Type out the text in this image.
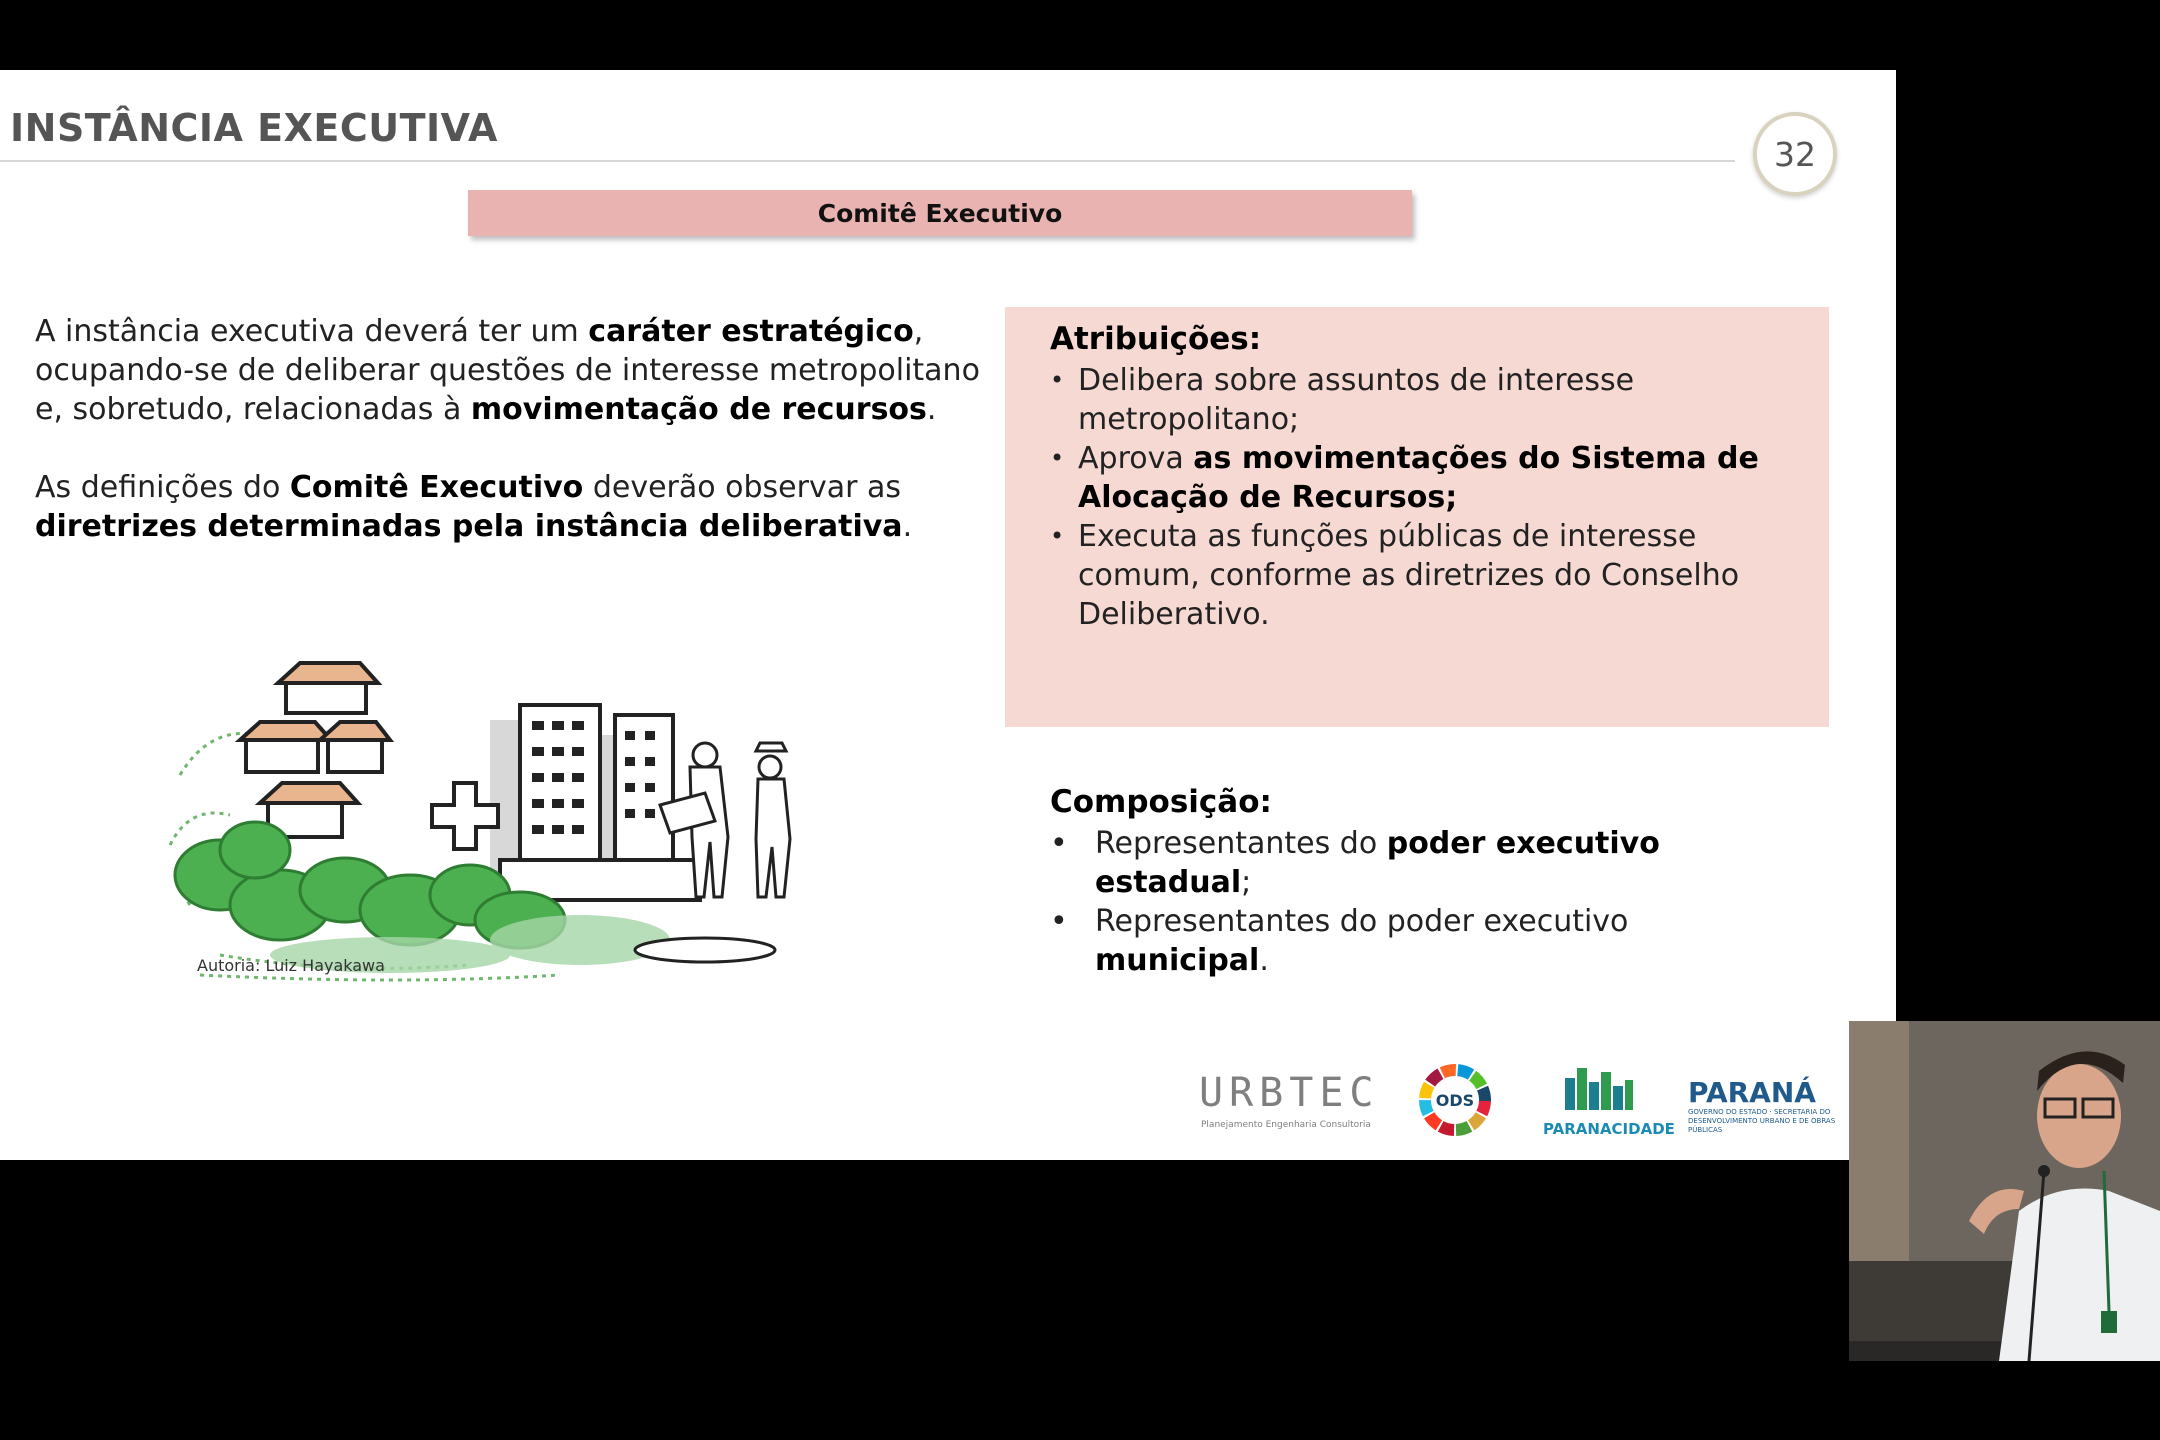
INSTÂNCIA EXECUTIVA
32
Comitê Executivo

A instância executiva deverá ter um caráter estratégico, ocupando-se de deliberar questões de interesse metropolitano e, sobretudo, relacionadas à movimentação de recursos.

As definições do Comitê Executivo deverão observar as diretrizes determinadas pela instância deliberativa.

Atribuições:
• Delibera sobre assuntos de interesse metropolitano;
• Aprova as movimentações do Sistema de Alocação de Recursos;
• Executa as funções públicas de interesse comum, conforme as diretrizes do Conselho Deliberativo.
Autoria: Luiz Hayakawa
Composição:
• Representantes do poder executivo estadual;
• Representantes do poder executivo municipal.
URBTEC
Planejamento Engenharia Consultoria
ODS
PARANACIDADE
PARANÁ
GOVERNO DO ESTADO · SECRETARIA DO DESENVOLVIMENTO URBANO E DE OBRAS PÚBLICAS
